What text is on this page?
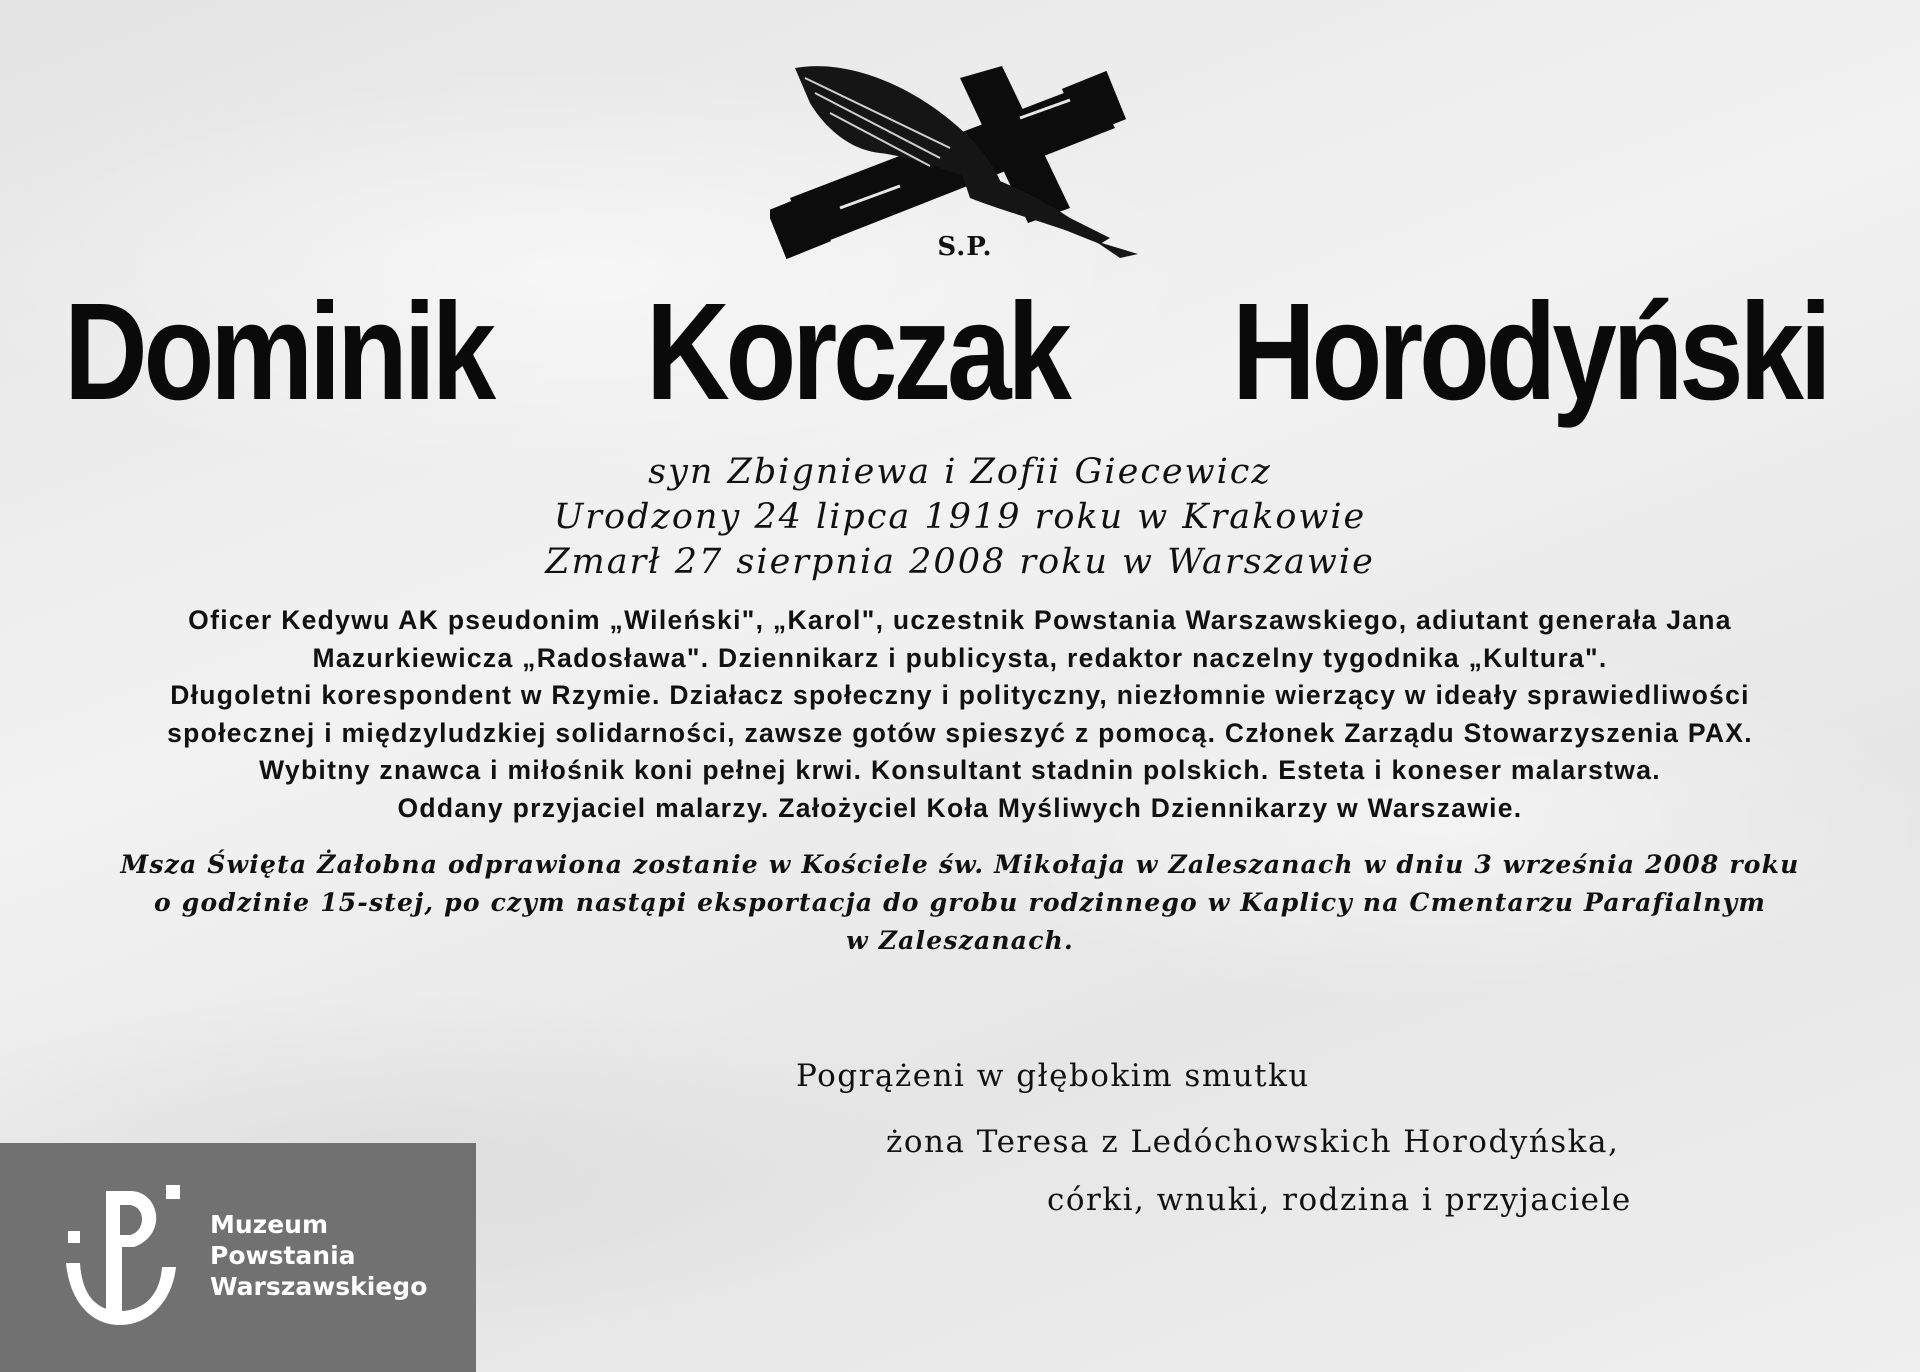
S.P.
Dominik Korczak Horodyński
syn Zbigniewa i Zofii Giecewicz
Urodzony 24 lipca 1919 roku w Krakowie
Zmarł 27 sierpnia 2008 roku w Warszawie
Oficer Kedywu AK pseudonim „Wileński", „Karol", uczestnik Powstania Warszawskiego, adiutant generała Jana
Mazurkiewicza „Radosława". Dziennikarz i publicysta, redaktor naczelny tygodnika „Kultura".
Długoletni korespondent w Rzymie. Działacz społeczny i polityczny, niezłomnie wierzący w ideały sprawiedliwości
społecznej i międzyludzkiej solidarności, zawsze gotów spieszyć z pomocą. Członek Zarządu Stowarzyszenia PAX.
Wybitny znawca i miłośnik koni pełnej krwi. Konsultant stadnin polskich. Esteta i koneser malarstwa.
Oddany przyjaciel malarzy. Założyciel Koła Myśliwych Dziennikarzy w Warszawie.
Msza Święta Żałobna odprawiona zostanie w Kościele św. Mikołaja w Zaleszanach w dniu 3 września 2008 roku
o godzinie 15-stej, po czym nastąpi eksportacja do grobu rodzinnego w Kaplicy na Cmentarzu Parafialnym
w Zaleszanach.
Pogrążeni w głębokim smutku
żona Teresa z Ledóchowskich Horodyńska,
córki, wnuki, rodzina i przyjaciele
Muzeum
Powstania
Warszawskiego
